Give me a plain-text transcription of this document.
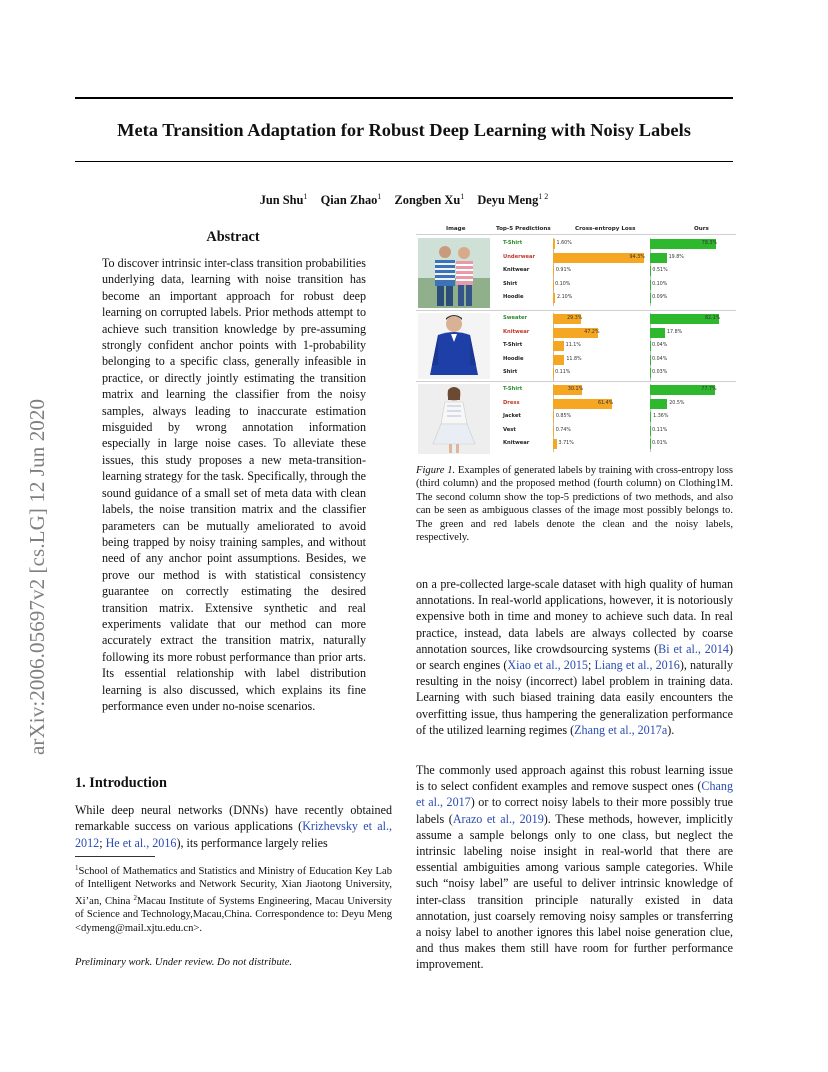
Meta Transition Adaptation for Robust Deep Learning with Noisy Labels
Jun Shu$^1$ Qian Zhao$^1$ Zongben Xu$^1$ Deyu Meng$^{1 2}$
arXiv:2006.05697v2 [cs.LG] 12 Jun 2020
Abstract
To discover intrinsic inter-class transition probabilities underlying data, learning with noise transition has become an important approach for robust deep learning on corrupted labels. Prior methods attempt to achieve such transition knowledge by pre-assuming strongly confident anchor points with 1-probability belonging to a specific class, generally infeasible in practice, or directly jointly estimating the transition matrix and learning the classifier from the noisy samples, always leading to inaccurate estimation misguided by wrong annotation information especially in large noise cases. To alleviate these issues, this study proposes a new meta-transition-learning strategy for the task. Specifically, through the sound guidance of a small set of meta data with clean labels, the noise transition matrix and the classifier parameters can be mutually ameliorated to avoid being trapped by noisy training samples, and without need of any anchor point assumptions. Besides, we prove our method is with statistical consistency guarantee on correctly estimating the desired transition matrix. Extensive synthetic and real experiments validate that our method can more accurately extract the transition matrix, naturally following its more robust performance than prior arts. Its essential relationship with label distribution learning is also discussed, which explains its fine performance even under no-noise scenarios.
1. Introduction
While deep neural networks (DNNs) have recently obtained remarkable success on various applications (Krizhevsky et al., 2012; He et al., 2016), its performance largely relies
$^1$School of Mathematics and Statistics and Ministry of Education Key Lab of Intelligent Networks and Network Security, Xian Jiaotong University, Xi’an, China $^2$Macau Institute of Systems Engineering, Macau University of Science and Technology,Macau,China. Correspondence to: Deyu Meng <dymeng@mail.xjtu.edu.cn>.
Preliminary work. Under review. Do not distribute.
Image	Top-5 Predictions	Cross-entropy Loss	Ours
T-Shirt	1.60%	78.3%
Underwear	94.3%	19.8%
Knitwear	0.91%	0.51%
Shirt	0.10%	0.10%
Hoodie	2.10%	0.09%
Sweater	29.3%	82.1%
Knitwear	47.2%	17.8%
T-Shirt	11.1%	0.04%
Hoodie	11.8%	0.04%
Shirt	0.11%	0.03%
T-Shirt	30.1%	77.7%
Dress	61.4%	20.5%
Jacket	0.85%	1.36%
Vest	0.74%	0.11%
Knitwear	3.71%	0.01%
Figure 1. Examples of generated labels by training with cross-entropy loss (third column) and the proposed method (fourth column) on Clothing1M. The second column show the top-5 predictions of two methods, and also can be seen as ambiguous classes of the image most possibly belongs to. The green and red labels denote the clean and the noisy labels, respectively.
on a pre-collected large-scale dataset with high quality of human annotations. In real-world applications, however, it is notoriously expensive both in time and money to achieve such data. In real practice, instead, data labels are always collected by coarse annotation sources, like crowdsourcing systems (Bi et al., 2014) or search engines (Xiao et al., 2015; Liang et al., 2016), naturally resulting in the noisy (incorrect) label problem in training data. Learning with such biased training data easily encounters the overfitting issue, thus hampering the generalization performance of the utilized learning regimes (Zhang et al., 2017a).
The commonly used approach against this robust learning issue is to select confident examples and remove suspect ones (Chang et al., 2017) or to correct noisy labels to their more possibly true labels (Arazo et al., 2019). These methods, however, implicitly assume a sample belongs only to one class, but neglect the intrinsic labeling noise insight in real-world that there are essential ambiguities among various sample categories. While such “noisy label” are useful to deliver intrinsic knowledge of inter-class transition principle naturally existed in data annotation, just coarsely removing noisy samples or transferring a noisy label to another ignores this label noise generation clue, and thus makes them still have room for further performance improvement.
